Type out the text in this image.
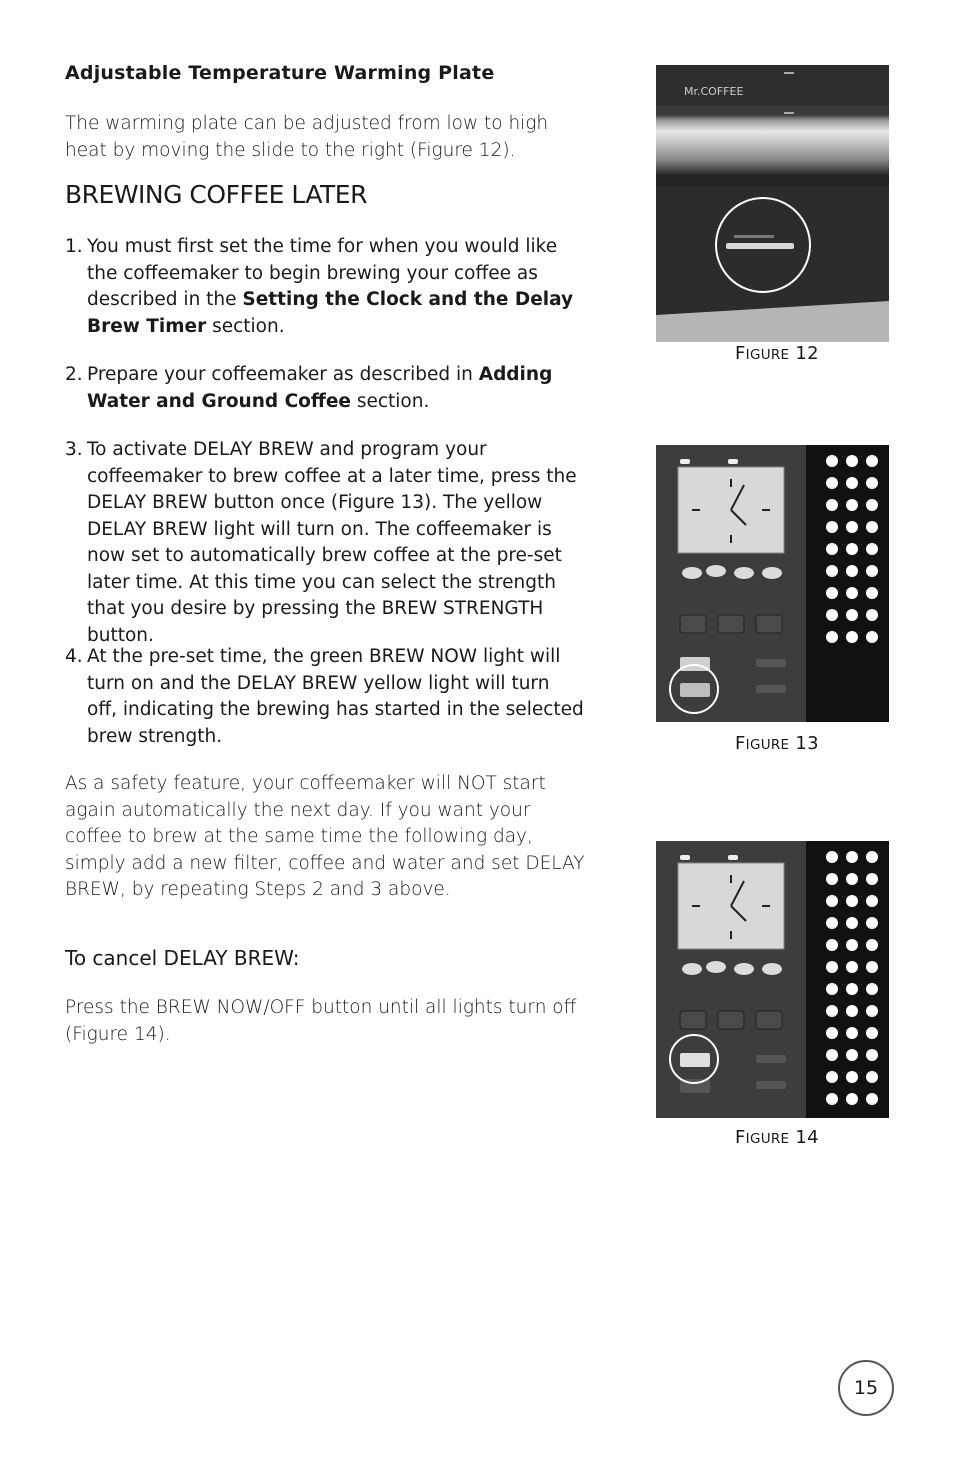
Adjustable Temperature Warming Plate

The warming plate can be adjusted from low to high heat by moving the slide to the right (Figure 12).

BREWING COFFEE LATER
1. You must first set the time for when you would like the coffeemaker to begin brewing your coffee as described in the Setting the Clock and the Delay Brew Timer section.
2. Prepare your coffeemaker as described in Adding Water and Ground Coffee section.
3. To activate DELAY BREW and program your coffeemaker to brew coffee at a later time, press the DELAY BREW button once (Figure 13). The yellow DELAY BREW light will turn on. The coffeemaker is now set to automatically brew coffee at the pre-set later time. At this time you can select the strength that you desire by pressing the BREW STRENGTH button.
4. At the pre-set time, the green BREW NOW light will turn on and the DELAY BREW yellow light will turn off, indicating the brewing has started in the selected brew strength.

As a safety feature, your coffeemaker will NOT start again automatically the next day. If you want your coffee to brew at the same time the following day, simply add a new filter, coffee and water and set DELAY BREW, by repeating Steps 2 and 3 above.

To cancel DELAY BREW:

Press the BREW NOW/OFF button until all lights turn off (Figure 14).

Mr.COFFEE
FIGURE 12
FIGURE 13
FIGURE 14
15
